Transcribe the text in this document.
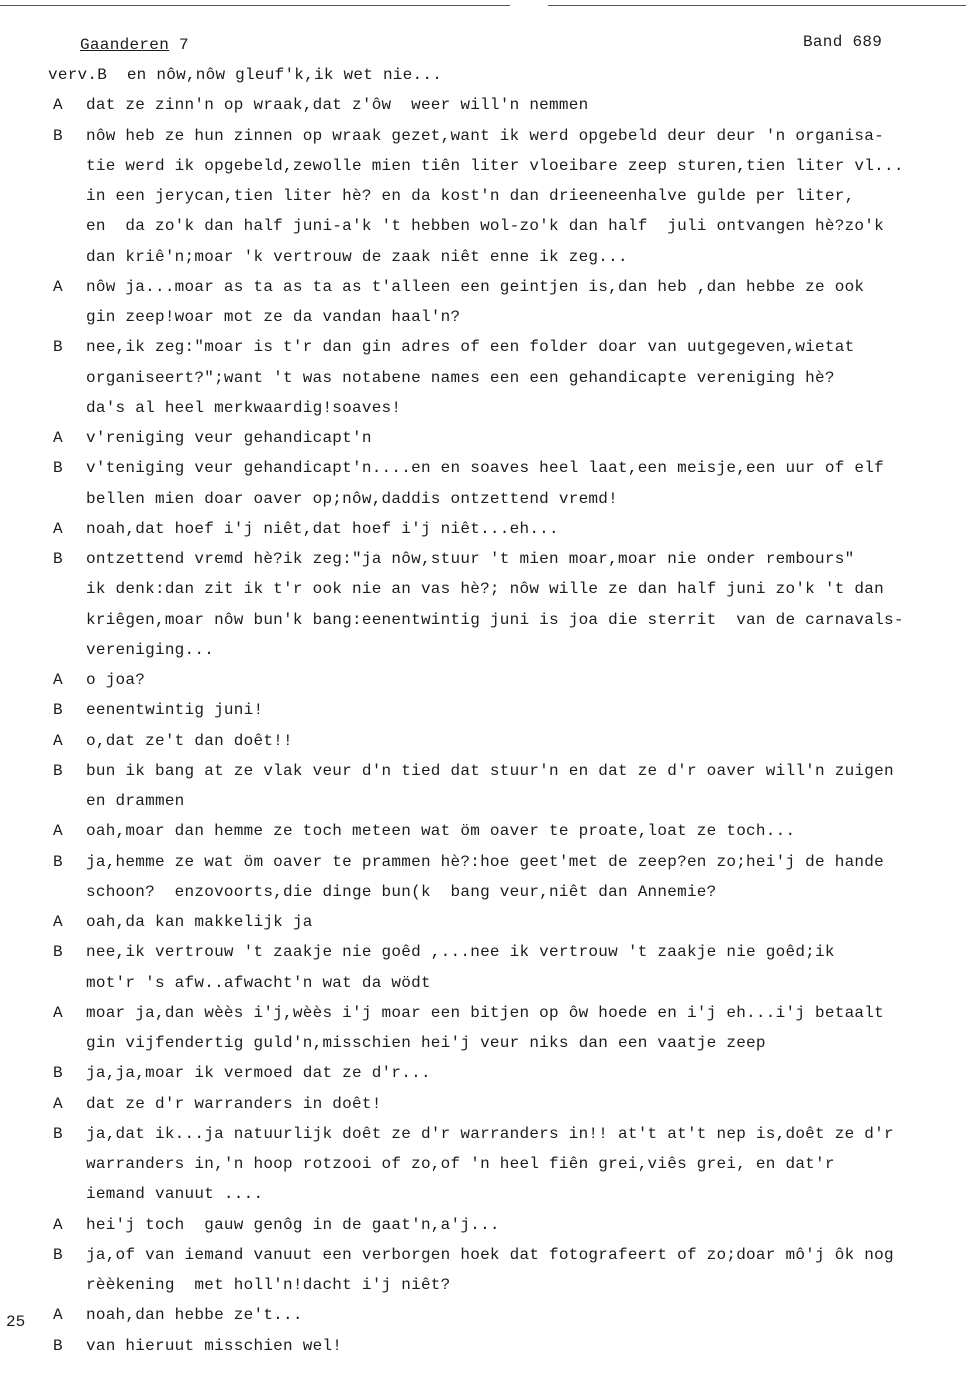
Gaanderen 7	Band 689
25
verv.B  en nôw,nôw gleuf'k,ik wet nie...
A dat ze zinn'n op wraak,dat z'ôw  weer will'n nemmen
B nôw heb ze hun zinnen op wraak gezet,want ik werd opgebeld deur deur 'n organisa-
tie werd ik opgebeld,zewolle mien tiên liter vloeibare zeep sturen,tien liter vl...
in een jerycan,tien liter hè? en da kost'n dan drieeneenhalve gulde per liter,
en  da zo'k dan half juni-a'k 't hebben wol-zo'k dan half  juli ontvangen hè?zo'k
dan kriê'n;moar 'k vertrouw de zaak niêt enne ik zeg...
A nôw ja...moar as ta as ta as t'alleen een geintjen is,dan heb ,dan hebbe ze ook
gin zeep!woar mot ze da vandan haal'n?
B nee,ik zeg:"moar is t'r dan gin adres of een folder doar van uutgegeven,wietat
organiseert?";want 't was notabene names een een gehandicapte vereniging hè?
da's al heel merkwaardig!soaves!
A v'reniging veur gehandicapt'n
B v'teniging veur gehandicapt'n....en en soaves heel laat,een meisje,een uur of elf
bellen mien doar oaver op;nôw,daddis ontzettend vremd!
A noah,dat hoef i'j niêt,dat hoef i'j niêt...eh...
B ontzettend vremd hè?ik zeg:"ja nôw,stuur 't mien moar,moar nie onder rembours"
ik denk:dan zit ik t'r ook nie an vas hè?; nôw wille ze dan half juni zo'k 't dan
kriêgen,moar nôw bun'k bang:eenentwintig juni is joa die sterrit  van de carnavals-
vereniging...
A o joa?
B eenentwintig juni!
A o,dat ze't dan doêt!!
B bun ik bang at ze vlak veur d'n tied dat stuur'n en dat ze d'r oaver will'n zuigen
en drammen
A oah,moar dan hemme ze toch meteen wat öm oaver te proate,loat ze toch...
B ja,hemme ze wat öm oaver te prammen hè?:hoe geet'met de zeep?en zo;hei'j de hande
schoon?  enzovoorts,die dinge bun(k  bang veur,niêt dan Annemie?
A oah,da kan makkelijk ja
B nee,ik vertrouw 't zaakje nie goêd ,...nee ik vertrouw 't zaakje nie goêd;ik
mot'r 's afw..afwacht'n wat da wödt
A moar ja,dan wèès i'j,wèès i'j moar een bitjen op ôw hoede en i'j eh...i'j betaalt
gin vijfendertig guld'n,misschien hei'j veur niks dan een vaatje zeep
B ja,ja,moar ik vermoed dat ze d'r...
A dat ze d'r warranders in doêt!
B ja,dat ik...ja natuurlijk doêt ze d'r warranders in!! at't at't nep is,doêt ze d'r
warranders in,'n hoop rotzooi of zo,of 'n heel fiên grei,viês grei, en dat'r
iemand vanuut ....
A hei'j toch  gauw genôg in de gaat'n,a'j...
B ja,of van iemand vanuut een verborgen hoek dat fotografeert of zo;doar mô'j ôk nog
rèèkening  met holl'n!dacht i'j niêt?
A noah,dan hebbe ze't...
B van hieruut misschien wel!
